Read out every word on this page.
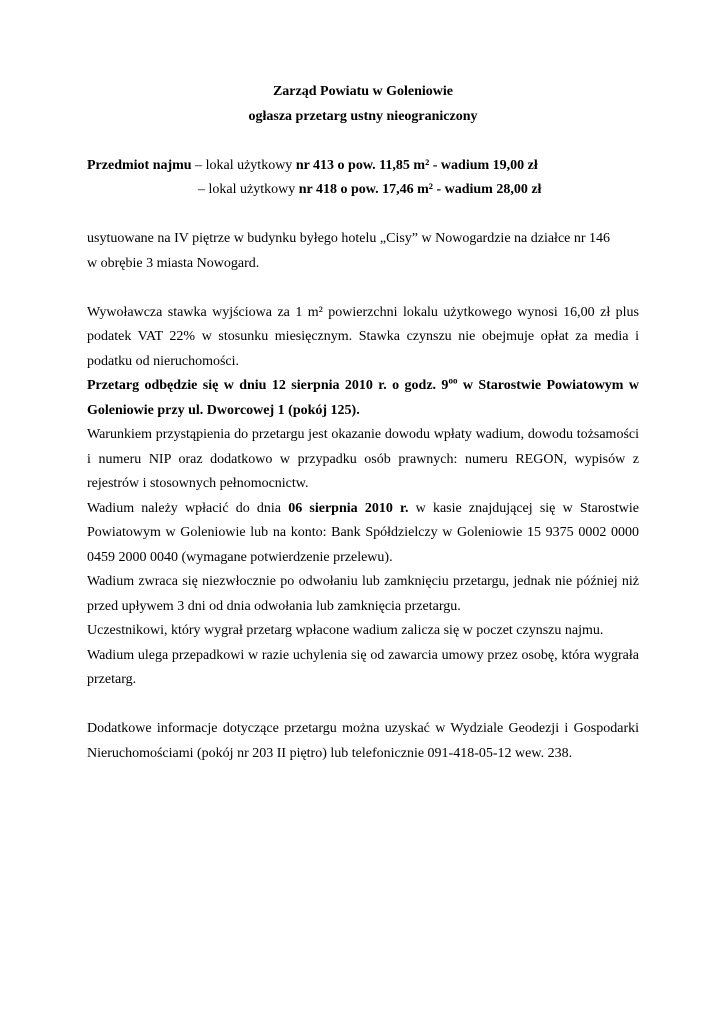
Zarząd Powiatu w Goleniowie
ogłasza przetarg ustny nieograniczony
Przedmiot najmu – lokal użytkowy nr 413 o pow. 11,85 m² - wadium 19,00 zł
– lokal użytkowy nr 418 o pow. 17,46 m² - wadium 28,00 zł

usytuowane na IV piętrze w budynku byłego hotelu „Cisy” w Nowogardzie na działce nr 146
w obrębie 3 miasta Nowogard.

Wywoławcza stawka wyjściowa za 1 m² powierzchni lokalu użytkowego wynosi 16,00 zł plus podatek VAT 22% w stosunku miesięcznym. Stawka czynszu nie obejmuje opłat za media i podatku od nieruchomości.

Przetarg odbędzie się w dniu 12 sierpnia 2010 r. o godz. $9^{oo}$ w Starostwie Powiatowym w Goleniowie przy ul. Dworcowej 1 (pokój 125).

Warunkiem przystąpienia do przetargu jest okazanie dowodu wpłaty wadium, dowodu tożsamości i numeru NIP oraz dodatkowo w przypadku osób prawnych: numeru REGON, wypisów z rejestrów i stosownych pełnomocnictw.

Wadium należy wpłacić do dnia 06 sierpnia 2010 r. w kasie znajdującej się w Starostwie Powiatowym w Goleniowie lub na konto: Bank Spółdzielczy w Goleniowie 15 9375 0002 0000 0459 2000 0040 (wymagane potwierdzenie przelewu).

Wadium zwraca się niezwłocznie po odwołaniu lub zamknięciu przetargu, jednak nie później niż przed upływem 3 dni od dnia odwołania lub zamknięcia przetargu.

Uczestnikowi, który wygrał przetarg wpłacone wadium zalicza się w poczet czynszu najmu.

Wadium ulega przepadkowi w razie uchylenia się od zawarcia umowy przez osobę, która wygrała przetarg.

Dodatkowe informacje dotyczące przetargu można uzyskać w Wydziale Geodezji i Gospodarki Nieruchomościami (pokój nr 203 II piętro) lub telefonicznie 091-418-05-12 wew. 238.
